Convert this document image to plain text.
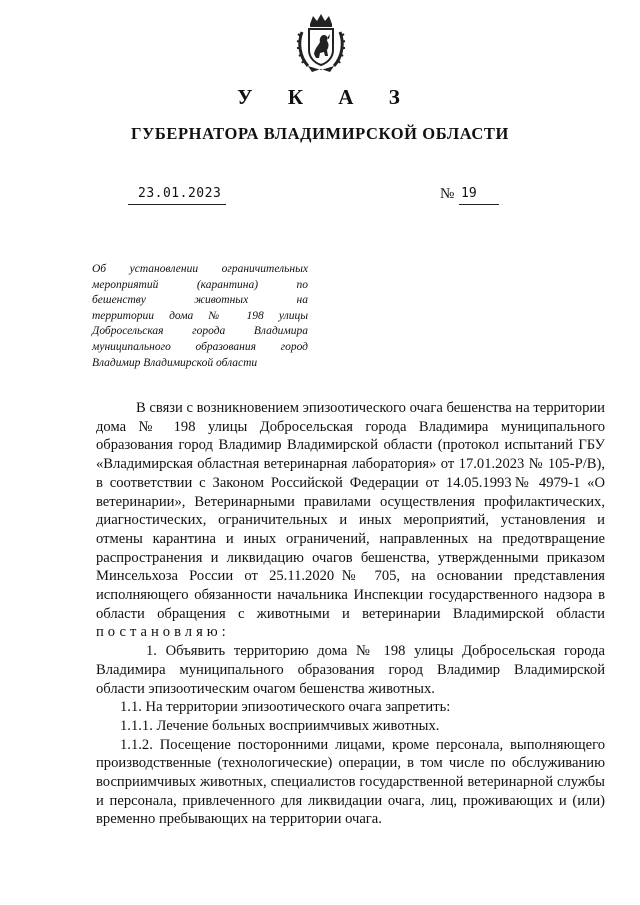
У К А З
ГУБЕРНАТОРА ВЛАДИМИРСКОЙ ОБЛАСТИ
23.01.2023	№ 19
Об установлении ограничительных
мероприятий (карантина) по
бешенству животных на
территории дома № 198 улицы
Добросельская города Владимира
муниципального образования город
Владимир Владимирской области

В связи с возникновением эпизоотического очага бешенства на территории дома № 198 улицы Добросельская города Владимира муниципального образования город Владимир Владимирской области (протокол испытаний ГБУ «Владимирская областная ветеринарная лаборатория» от 17.01.2023 № 105-Р/В), в соответствии с Законом Российской Федерации от 14.05.1993№ 4979-1 «О ветеринарии», Ветеринарными правилами осуществления профилактических, диагностических, ограничительных и иных мероприятий, установления и отмены карантина и иных ограничений, направленных на предотвращение распространения и ликвидацию очагов бешенства, утвержденными приказом Минсельхоза России от 25.11.2020№ 705, на основании представления исполняющего обязанности начальника Инспекции государственного надзора в области обращения с животными и ветеринарии Владимирской области

постановляю:

1. Объявить территорию дома № 198 улицы Добросельская города Владимира муниципального образования город Владимир Владимирской области эпизоотическим очагом бешенства животных.

1.1. На территории эпизоотического очага запретить:

1.1.1. Лечение больных восприимчивых животных.

1.1.2. Посещение посторонними лицами, кроме персонала, выполняющего производственные (технологические) операции, в том числе по обслуживанию восприимчивых животных, специалистов государственной ветеринарной службы и персонала, привлеченного для ликвидации очага, лиц, проживающих и (или) временно пребывающих на территории очага.
